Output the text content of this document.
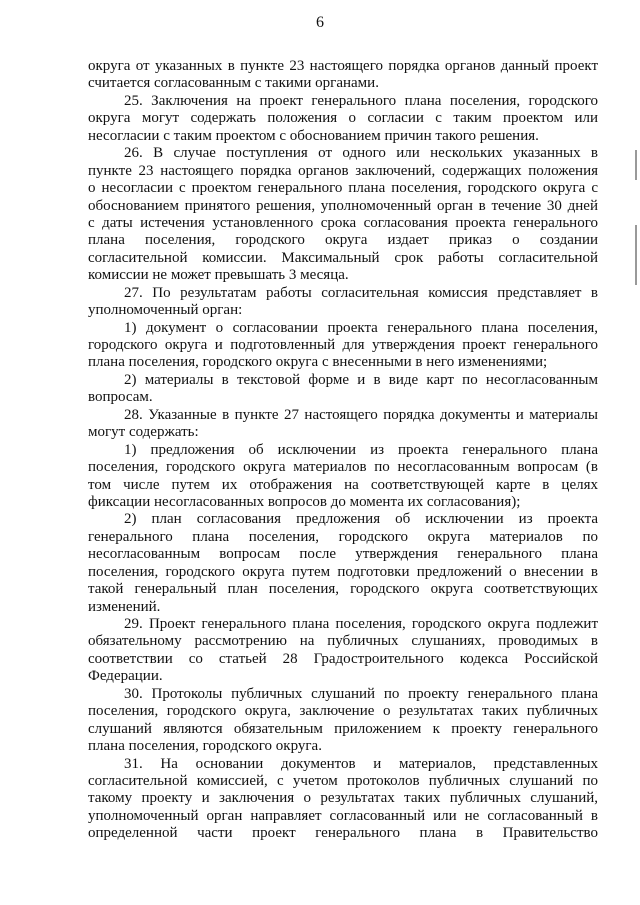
6
округа от указанных в пункте 23 настоящего порядка органов данный проект
считается согласованным с такими органами.
25. Заключения на проект генерального плана поселения, городского
округа могут содержать положения о согласии с таким проектом или
несогласии с таким проектом с обоснованием причин такого решения.
26. В случае поступления от одного или нескольких указанных в
пункте 23 настоящего порядка органов заключений, содержащих положения
о несогласии с проектом генерального плана поселения, городского округа с
обоснованием принятого решения, уполномоченный орган в течение 30 дней
с даты истечения установленного срока согласования проекта генерального
плана поселения, городского округа издает приказ о создании
согласительной комиссии. Максимальный срок работы согласительной
комиссии не может превышать 3 месяца.
27. По результатам работы согласительная комиссия представляет в
уполномоченный орган:
1) документ о согласовании проекта генерального плана поселения,
городского округа и подготовленный для утверждения проект генерального
плана поселения, городского округа с внесенными в него изменениями;
2) материалы в текстовой форме и в виде карт по несогласованным
вопросам.
28. Указанные в пункте 27 настоящего порядка документы и материалы
могут содержать:
1) предложения об исключении из проекта генерального плана
поселения, городского округа материалов по несогласованным вопросам (в
том числе путем их отображения на соответствующей карте в целях
фиксации несогласованных вопросов до момента их согласования);
2) план согласования предложения об исключении из проекта
генерального плана поселения, городского округа материалов по
несогласованным вопросам после утверждения генерального плана
поселения, городского округа путем подготовки предложений о внесении в
такой генеральный план поселения, городского округа соответствующих
изменений.
29. Проект генерального плана поселения, городского округа подлежит
обязательному рассмотрению на публичных слушаниях, проводимых в
соответствии со статьей 28 Градостроительного кодекса Российской
Федерации.
30. Протоколы публичных слушаний по проекту генерального плана
поселения, городского округа, заключение о результатах таких публичных
слушаний являются обязательным приложением к проекту генерального
плана поселения, городского округа.
31. На основании документов и материалов, представленных
согласительной комиссией, с учетом протоколов публичных слушаний по
такому проекту и заключения о результатах таких публичных слушаний,
уполномоченный орган направляет согласованный или не согласованный в
определенной части проект генерального плана в Правительство
